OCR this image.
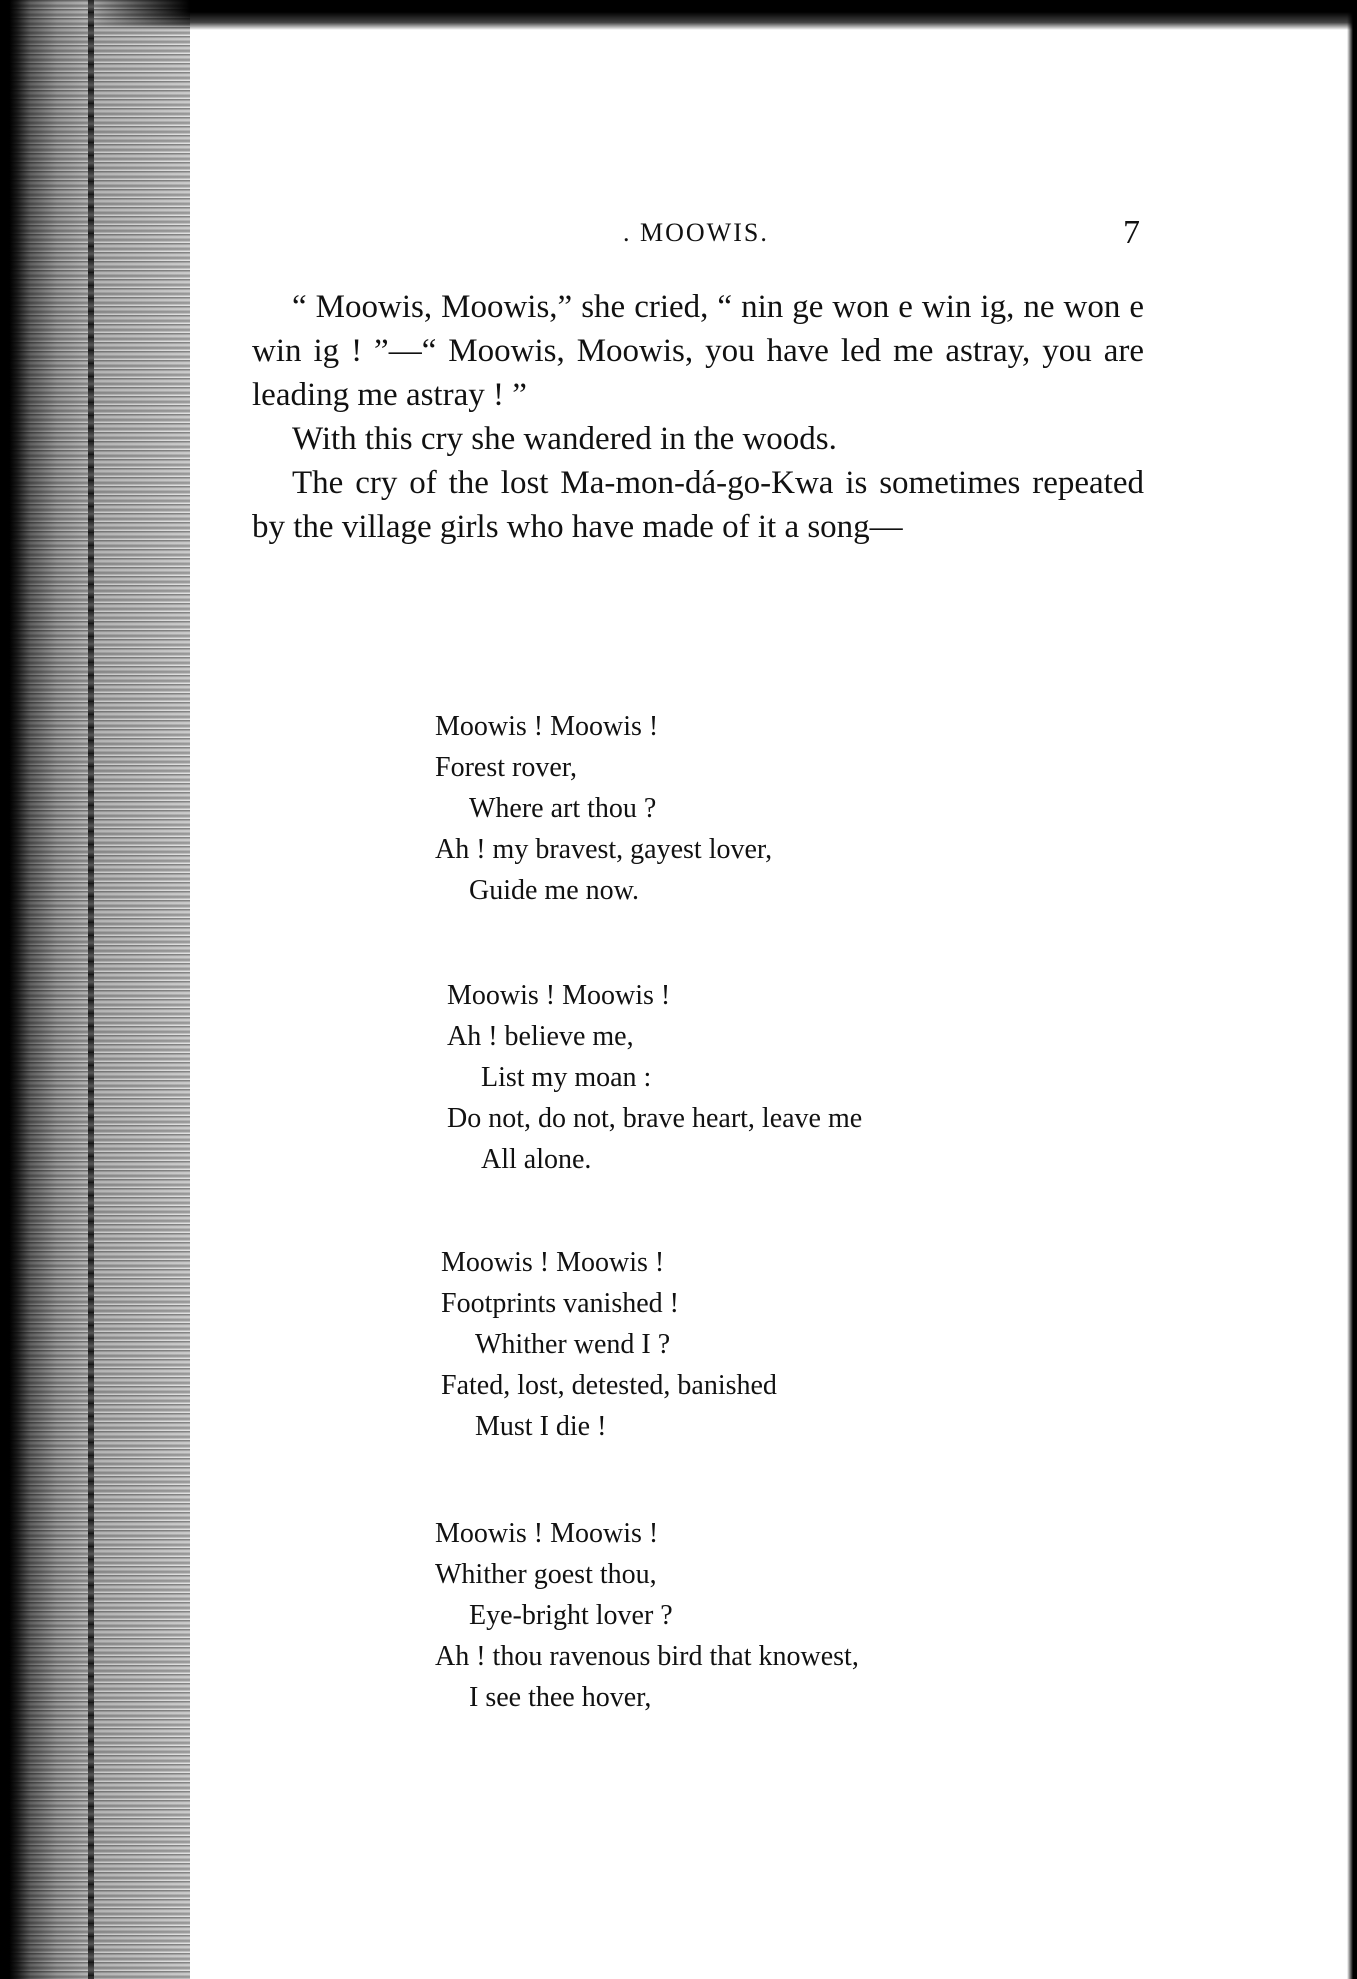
. MOOWIS.	7

“ Moowis, Moowis,” she cried, “ nin ge won e win ig, ne won e win ig ! ”—“ Moowis, Moowis, you have led me astray, you are leading me astray ! ”

With this cry she wandered in the woods.

The cry of the lost Ma-mon-dá-go-Kwa is sometimes repeated by the village girls who have made of it a song—

Moowis ! Moowis !
Forest rover,
Where art thou ?
Ah ! my bravest, gayest lover,
Guide me now.
Moowis ! Moowis !
Ah ! believe me,
List my moan :
Do not, do not, brave heart, leave me
All alone.
Moowis ! Moowis !
Footprints vanished !
Whither wend I ?
Fated, lost, detested, banished
Must I die !
Moowis ! Moowis !
Whither goest thou,
Eye-bright lover ?
Ah ! thou ravenous bird that knowest,
I see thee hover,
